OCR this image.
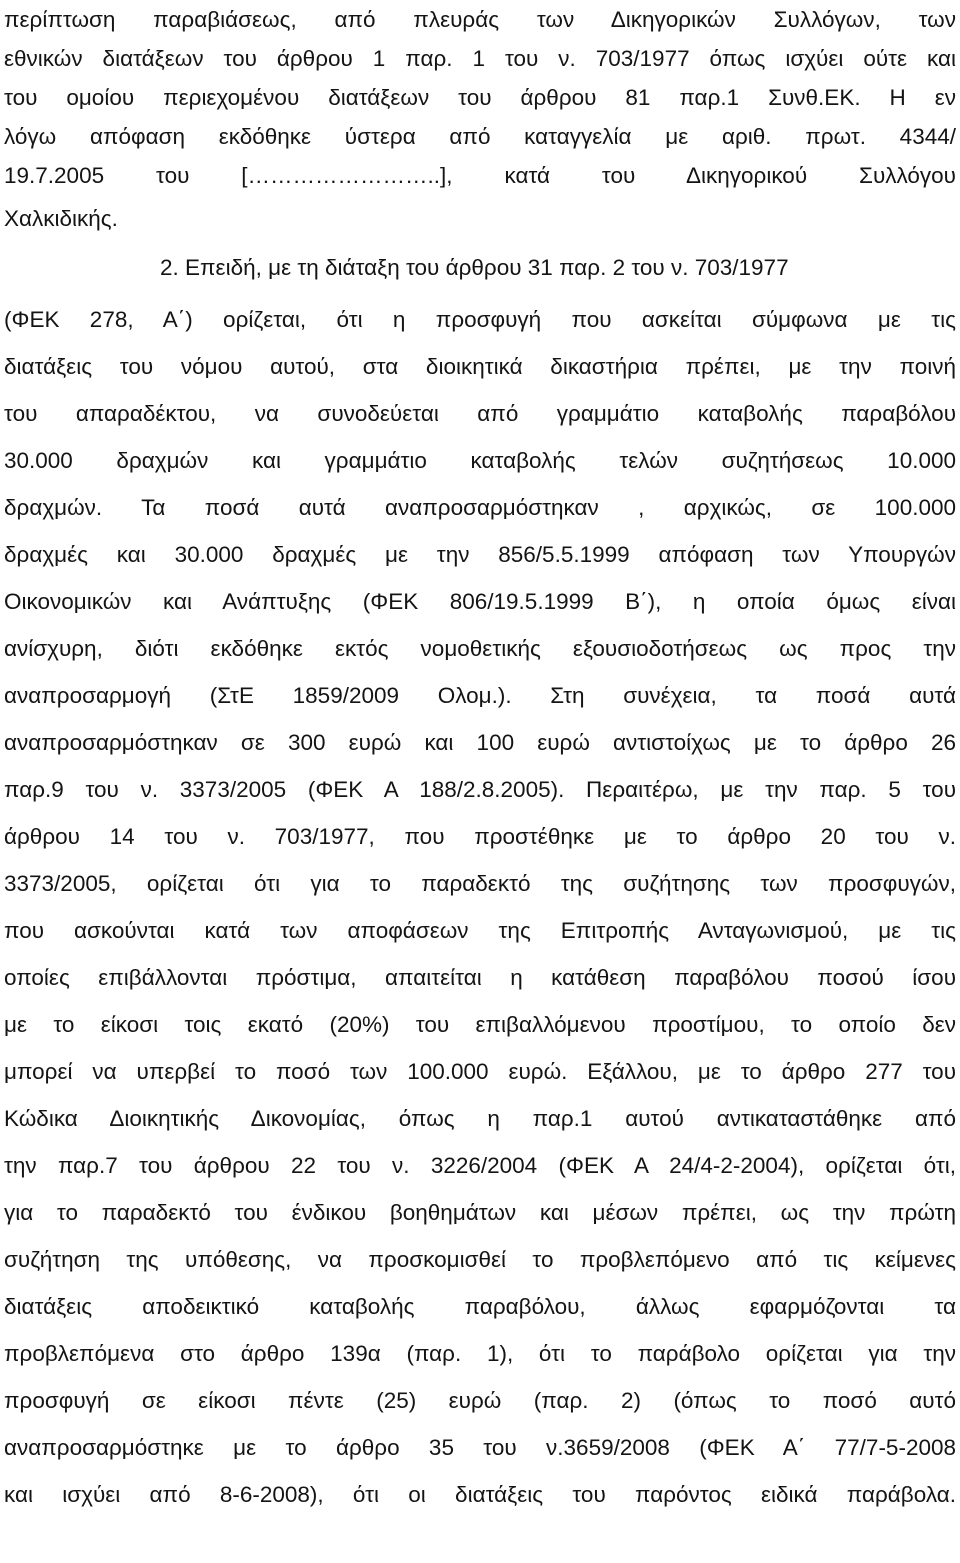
περίπτωση παραβιάσεως, από πλευράς των Δικηγορικών Συλλόγων, των
εθνικών διατάξεων του άρθρου 1 παρ. 1 του ν. 703/1977 όπως ισχύει ούτε και
του ομοίου περιεχομένου διατάξεων του άρθρου 81 παρ.1 Συνθ.ΕΚ. Η εν
λόγω απόφαση εκδόθηκε ύστερα από καταγγελία με αριθ. πρωτ. 4344/
19.7.2005 του [……………………..], κατά του Δικηγορικού Συλλόγου
Χαλκιδικής.
2. Επειδή, με τη διάταξη του άρθρου 31 παρ. 2 του ν. 703/1977
(ΦΕΚ 278, Α΄) ορίζεται, ότι η προσφυγή που ασκείται σύμφωνα με τις
διατάξεις του νόμου αυτού, στα διοικητικά δικαστήρια πρέπει, με την ποινή
του απαραδέκτου, να συνοδεύεται από γραμμάτιο καταβολής παραβόλου
30.000 δραχμών και γραμμάτιο καταβολής τελών συζητήσεως 10.000
δραχμών. Τα ποσά αυτά αναπροσαρμόστηκαν , αρχικώς, σε 100.000
δραχμές και 30.000 δραχμές με την 856/5.5.1999 απόφαση των Υπουργών
Οικονομικών και Ανάπτυξης (ΦΕΚ 806/19.5.1999 Β΄), η οποία όμως είναι
ανίσχυρη, διότι εκδόθηκε εκτός νομοθετικής εξουσιοδοτήσεως ως προς την
αναπροσαρμογή (ΣτΕ 1859/2009 Ολομ.). Στη συνέχεια, τα ποσά αυτά
αναπροσαρμόστηκαν σε 300 ευρώ και 100 ευρώ αντιστοίχως με το άρθρο 26
παρ.9 του ν. 3373/2005 (ΦΕΚ Α 188/2.8.2005). Περαιτέρω, με την παρ. 5 του
άρθρου 14 του ν. 703/1977, που προστέθηκε με το άρθρο 20 του ν.
3373/2005, ορίζεται ότι για το παραδεκτό της συζήτησης των προσφυγών,
που ασκούνται κατά των αποφάσεων της Επιτροπής Ανταγωνισμού, με τις
οποίες επιβάλλονται πρόστιμα, απαιτείται η κατάθεση παραβόλου ποσού ίσου
με το είκοσι τοις εκατό (20%) του επιβαλλόμενου προστίμου, το οποίο δεν
μπορεί να υπερβεί το ποσό των 100.000 ευρώ. Εξάλλου, με το άρθρο 277 του
Κώδικα Διοικητικής Δικονομίας, όπως η παρ.1 αυτού αντικαταστάθηκε από
την παρ.7 του άρθρου 22 του ν. 3226/2004 (ΦΕΚ Α 24/4-2-2004), ορίζεται ότι,
για το παραδεκτό του ένδικου βοηθημάτων και μέσων πρέπει, ως την πρώτη
συζήτηση της υπόθεσης, να προσκομισθεί το προβλεπόμενο από τις κείμενες
διατάξεις αποδεικτικό καταβολής παραβόλου, άλλως εφαρμόζονται τα
προβλεπόμενα στο άρθρο 139α (παρ. 1), ότι το παράβολο ορίζεται για την
προσφυγή σε είκοσι πέντε (25) ευρώ (παρ. 2) (όπως το ποσό αυτό
αναπροσαρμόστηκε με το άρθρο 35 του ν.3659/2008 (ΦΕΚ Α΄ 77/7-5-2008
και ισχύει από 8-6-2008), ότι οι διατάξεις του παρόντος ειδικά παράβολα.
